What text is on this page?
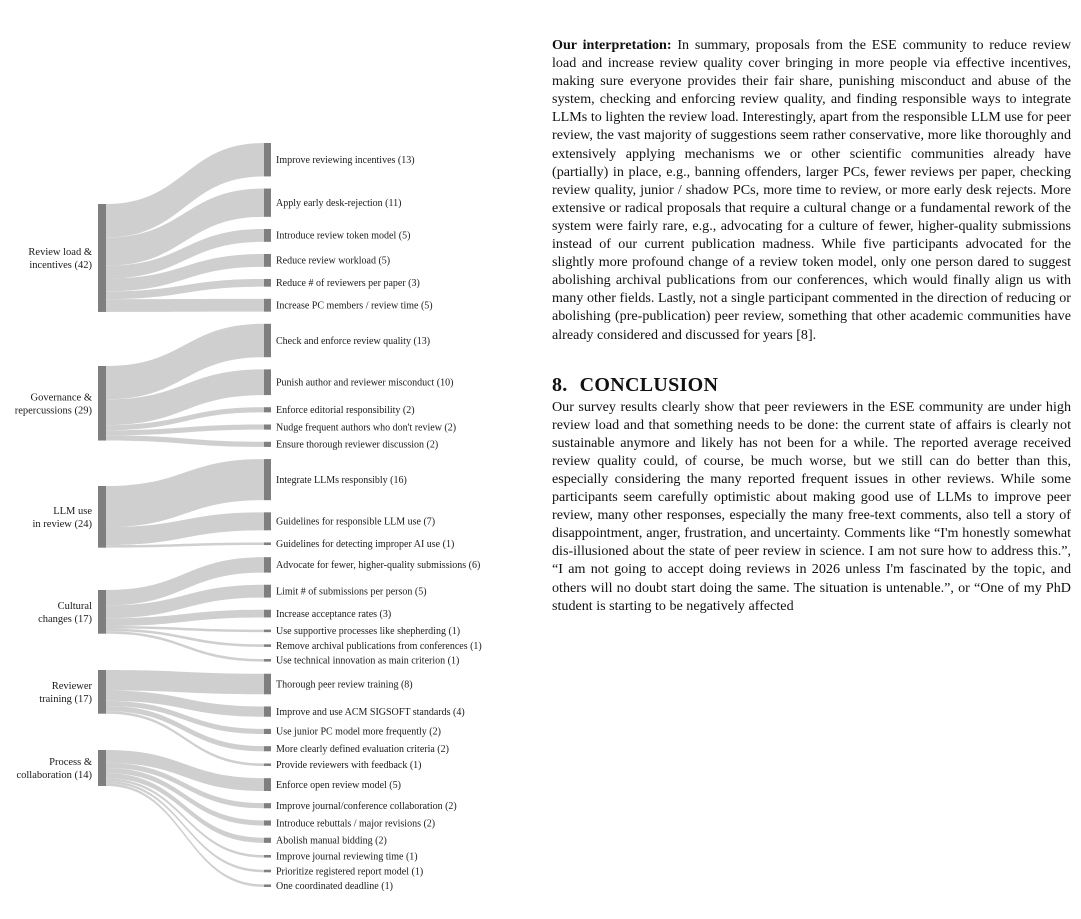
Review load &
incentives (42)
Improve reviewing incentives (13)
Apply early desk-rejection (11)
Introduce review token model (5)
Reduce review workload (5)
Reduce # of reviewers per paper (3)
Increase PC members / review time (5)
Governance &
repercussions (29)
Check and enforce review quality (13)
Punish author and reviewer misconduct (10)
Enforce editorial responsibility (2)
Nudge frequent authors who don't review (2)
Ensure thorough reviewer discussion (2)
LLM use
in review (24)
Integrate LLMs responsibly (16)
Guidelines for responsible LLM use (7)
Guidelines for detecting improper AI use (1)
Cultural
changes (17)
Advocate for fewer, higher-quality submissions (6)
Limit # of submissions per person (5)
Increase acceptance rates (3)
Use supportive processes like shepherding (1)
Remove archival publications from conferences (1)
Use technical innovation as main criterion (1)
Reviewer
training (17)
Thorough peer review training (8)
Improve and use ACM SIGSOFT standards (4)
Use junior PC model more frequently (2)
More clearly defined evaluation criteria (2)
Provide reviewers with feedback (1)
Process &
collaboration (14)
Enforce open review model (5)
Improve journal/conference collaboration (2)
Introduce rebuttals / major revisions (2)
Abolish manual bidding (2)
Improve journal reviewing time (1)
Prioritize registered report model (1)
One coordinated deadline (1)

Our interpretation: In summary, proposals from the ESE community to reduce review load and increase review quality cover bringing in more people via effective incentives, making sure everyone provides their fair share, punishing misconduct and abuse of the system, checking and enforcing review quality, and finding responsible ways to integrate LLMs to lighten the review load. Interestingly, apart from the responsible LLM use for peer review, the vast majority of suggestions seem rather conservative, more like thoroughly and extensively applying mechanisms we or other scientific communities already have (partially) in place, e.g., banning offenders, larger PCs, fewer reviews per paper, checking review quality, junior / shadow PCs, more time to review, or more early desk rejects. More extensive or radical proposals that require a cultural change or a fundamental rework of the system were fairly rare, e.g., advocating for a culture of fewer, higher-quality submissions instead of our current publication madness. While five participants advocated for the slightly more profound change of a review token model, only one person dared to suggest abolishing archival publications from our conferences, which would finally align us with many other fields. Lastly, not a single participant commented in the direction of reducing or abolishing (pre-publication) peer review, something that other academic communities have already considered and discussed for years [8].

8. CONCLUSION

Our survey results clearly show that peer reviewers in the ESE community are under high review load and that something needs to be done: the current state of affairs is clearly not sustainable anymore and likely has not been for a while. The reported average received review quality could, of course, be much worse, but we still can do better than this, especially considering the many reported frequent issues in other reviews. While some participants seem carefully optimistic about making good use of LLMs to improve peer review, many other responses, especially the many free-text comments, also tell a story of disappointment, anger, frustration, and uncertainty. Comments like “I'm honestly somewhat dis-illusioned about the state of peer review in science. I am not sure how to address this.”, “I am not going to accept doing reviews in 2026 unless I'm fascinated by the topic, and others will no doubt start doing the same. The situation is untenable.”, or “One of my PhD student is starting to be negatively affected
